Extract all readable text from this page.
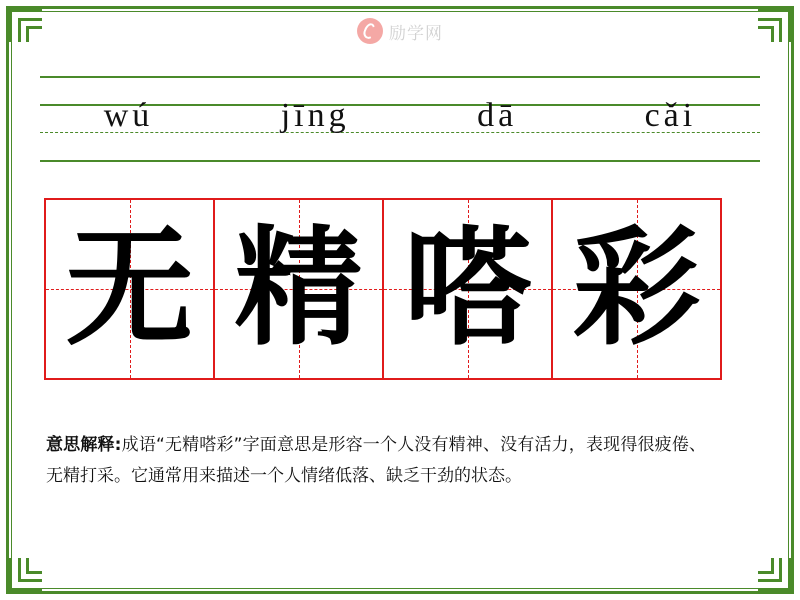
励学网
wú	jīng	dā	cǎi
无 精 嗒 彩
意思解释:成语“无精嗒彩”字面意思是形容一个人没有精神、没有活力，表现得很疲倦、无精打采。它通常用来描述一个人情绪低落、缺乏干劲的状态。
